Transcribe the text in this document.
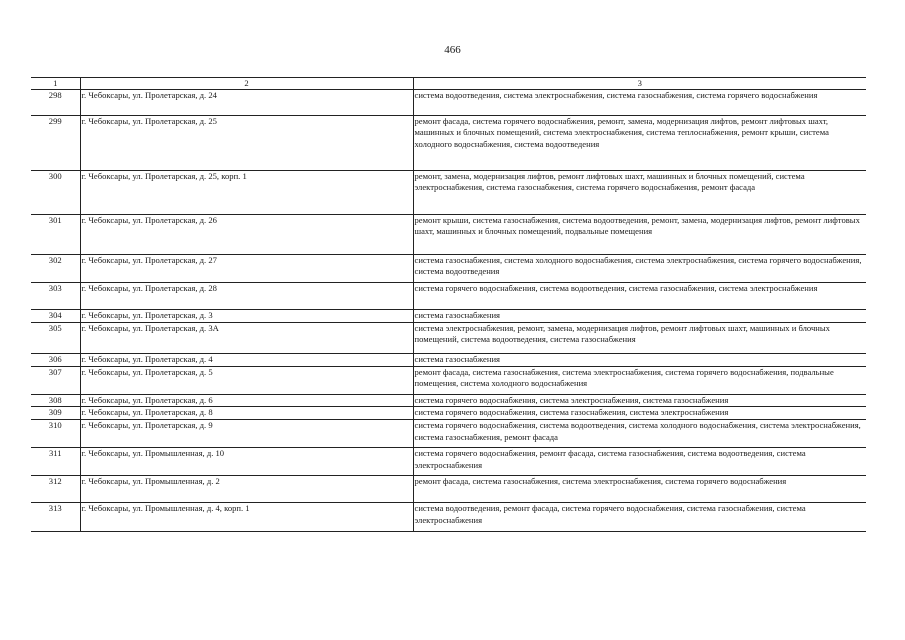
466
1	2	3
298	г. Чебоксары, ул. Пролетарская, д. 24	система водоотведения, система электроснабжения, система газоснабжения, система горячего водоснабжения
299	г. Чебоксары, ул. Пролетарская, д. 25	ремонт фасада, система горячего водоснабжения, ремонт, замена, модернизация лифтов, ремонт лифтовых шахт, машинных и блочных помещений, система электроснабжения, система теплоснабжения, ремонт крыши, система холодного водоснабжения, система водоотведения
300	г. Чебоксары, ул. Пролетарская, д. 25, корп. 1	ремонт, замена, модернизация лифтов, ремонт лифтовых шахт, машинных и блочных помещений, система электроснабжения, система газоснабжения, система горячего водоснабжения, ремонт фасада
301	г. Чебоксары, ул. Пролетарская, д. 26	ремонт крыши, система газоснабжения, система водоотведения, ремонт, замена, модернизация лифтов, ремонт лифтовых шахт, машинных и блочных помещений, подвальные помещения
302	г. Чебоксары, ул. Пролетарская, д. 27	система газоснабжения, система холодного водоснабжения, система электроснабжения, система горячего водоснабжения, система водоотведения
303	г. Чебоксары, ул. Пролетарская, д. 28	система горячего водоснабжения, система водоотведения, система газоснабжения, система электроснабжения
304	г. Чебоксары, ул. Пролетарская, д. 3	система газоснабжения
305	г. Чебоксары, ул. Пролетарская, д. 3А	система электроснабжения, ремонт, замена, модернизация лифтов, ремонт лифтовых шахт, машинных и блочных помещений, система водоотведения, система газоснабжения
306	г. Чебоксары, ул. Пролетарская, д. 4	система газоснабжения
307	г. Чебоксары, ул. Пролетарская, д. 5	ремонт фасада, система газоснабжения, система электроснабжения, система горячего водоснабжения, подвальные помещения, система холодного водоснабжения
308	г. Чебоксары, ул. Пролетарская, д. 6	система горячего водоснабжения, система электроснабжения, система газоснабжения
309	г. Чебоксары, ул. Пролетарская, д. 8	система горячего водоснабжения, система газоснабжения, система электроснабжения
310	г. Чебоксары, ул. Пролетарская, д. 9	система горячего водоснабжения, система водоотведения, система холодного водоснабжения, система электроснабжения, система газоснабжения, ремонт фасада
311	г. Чебоксары, ул. Промышленная, д. 10	система горячего водоснабжения, ремонт фасада, система газоснабжения, система водоотведения, система электроснабжения
312	г. Чебоксары, ул. Промышленная, д. 2	ремонт фасада, система газоснабжения, система электроснабжения, система горячего водоснабжения
313	г. Чебоксары, ул. Промышленная, д. 4, корп. 1	система водоотведения, ремонт фасада, система горячего водоснабжения, система газоснабжения, система электроснабжения
